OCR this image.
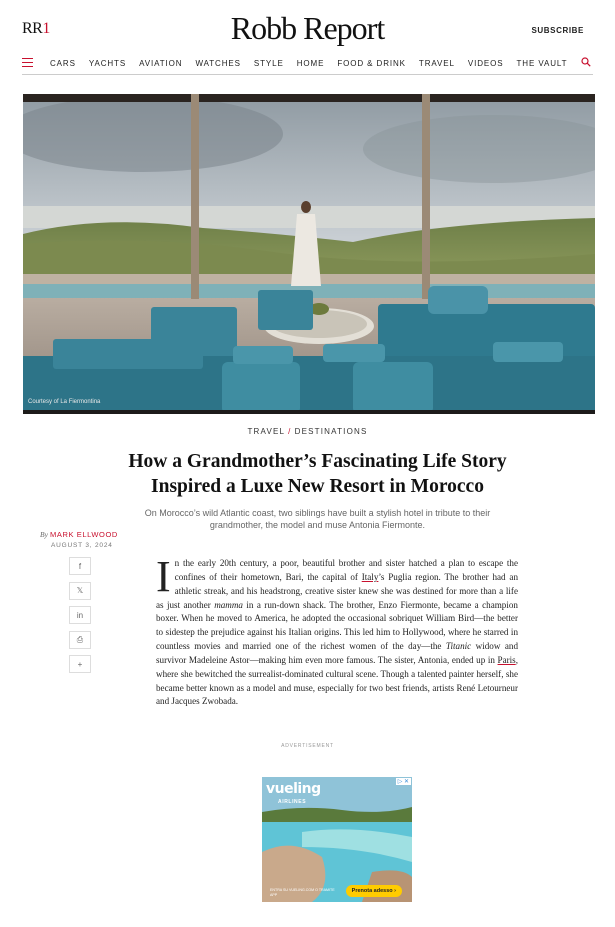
RR1	Robb Report	SUBSCRIBE
CARS YACHTS AVIATION WATCHES STYLE HOME FOOD & DRINK TRAVEL VIDEOS THE VAULT
Courtesy of La Fiermontina
TRAVEL / DESTINATIONS
How a Grandmother’s Fascinating Life Story Inspired a Luxe New Resort in Morocco

On Morocco’s wild Atlantic coast, two siblings have built a stylish hotel in tribute to their grandmother, the model and muse Antonia Fiermonte.

By MARK ELLWOOD
AUGUST 3, 2024
f
𝕏
in
⎙
+
In the early 20th century, a poor, beautiful brother and sister hatched a plan to escape the confines of their hometown, Bari, the capital of Italy’s Puglia region. The brother had an athletic streak, and his headstrong, creative sister knew she was destined for more than a life as just another mamma in a run-down shack. The brother, Enzo Fiermonte, became a champion boxer. When he moved to America, he adopted the occasional sobriquet William Bird—the better to sidestep the prejudice against his Italian origins. This led him to Hollywood, where he starred in countless movies and married one of the richest women of the day—the Titanic widow and survivor Madeleine Astor—making him even more famous. The sister, Antonia, ended up in Paris, where she bewitched the surrealist-dominated cultural scene. Though a talented painter herself, she became better known as a model and muse, especially for two best friends, artists René Letourneur and Jacques Zwobada.
ADVERTISEMENT
vueling
AIRLINES
ENTRA SU VUELING.COM O TRAMITE APP
Prenota adesso ›
▷ ✕
